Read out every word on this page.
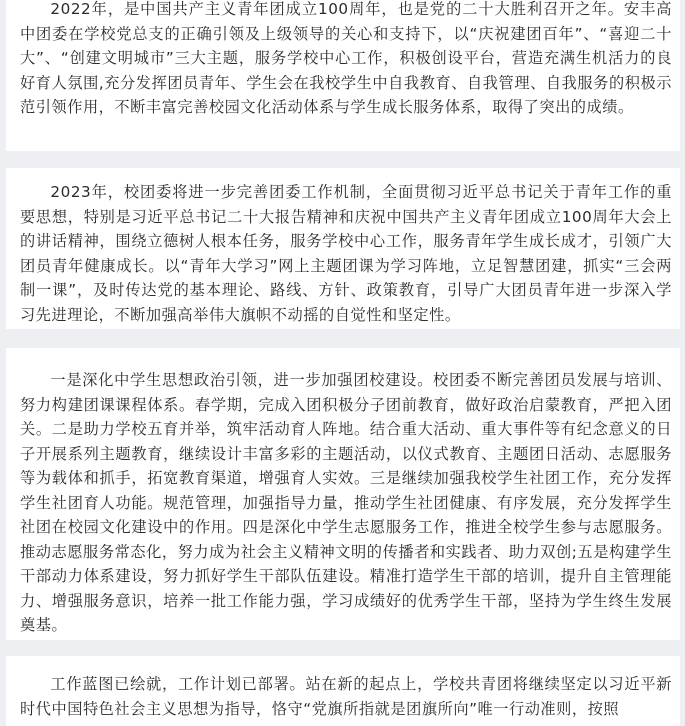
2022年，是中国共产主义青年团成立100周年，也是党的二十大胜利召开之年。安丰高中团委在学校党总支的正确引领及上级领导的关心和支持下，以“庆祝建团百年”、“喜迎二十大”、“创建文明城市”三大主题，服务学校中心工作，积极创设平台，营造充满生机活力的良好育人氛围,充分发挥团员青年、学生会在我校学生中自我教育、自我管理、自我服务的积极示范引领作用，不断丰富完善校园文化活动体系与学生成长服务体系，取得了突出的成绩。

2023年，校团委将进一步完善团委工作机制，全面贯彻习近平总书记关于青年工作的重要思想，特别是习近平总书记二十大报告精神和庆祝中国共产主义青年团成立100周年大会上的讲话精神，围绕立德树人根本任务，服务学校中心工作，服务青年学生成长成才，引领广大团员青年健康成长。以“青年大学习”网上主题团课为学习阵地，立足智慧团建，抓实“三会两制一课”，及时传达党的基本理论、路线、方针、政策教育，引导广大团员青年进一步深入学习先进理论，不断加强高举伟大旗帜不动摇的自觉性和坚定性。

一是深化中学生思想政治引领，进一步加强团校建设。校团委不断完善团员发展与培训、努力构建团课课程体系。春学期，完成入团积极分子团前教育，做好政治启蒙教育，严把入团关。二是助力学校五育并举，筑牢活动育人阵地。结合重大活动、重大事件等有纪念意义的日子开展系列主题教育，继续设计丰富多彩的主题活动，以仪式教育、主题团日活动、志愿服务等为载体和抓手，拓宽教育渠道，增强育人实效。三是继续加强我校学生社团工作，充分发挥学生社团育人功能。规范管理，加强指导力量，推动学生社团健康、有序发展，充分发挥学生社团在校园文化建设中的作用。四是深化中学生志愿服务工作，推进全校学生参与志愿服务。推动志愿服务常态化，努力成为社会主义精神文明的传播者和实践者、助力双创;五是构建学生干部动力体系建设，努力抓好学生干部队伍建设。精准打造学生干部的培训，提升自主管理能力、增强服务意识，培养一批工作能力强，学习成绩好的优秀学生干部，坚持为学生终生发展奠基。

工作蓝图已绘就，工作计划已部署。站在新的起点上，学校共青团将继续坚定以习近平新时代中国特色社会主义思想为指导，恪守“党旗所指就是团旗所向”唯一行动准则，按照
